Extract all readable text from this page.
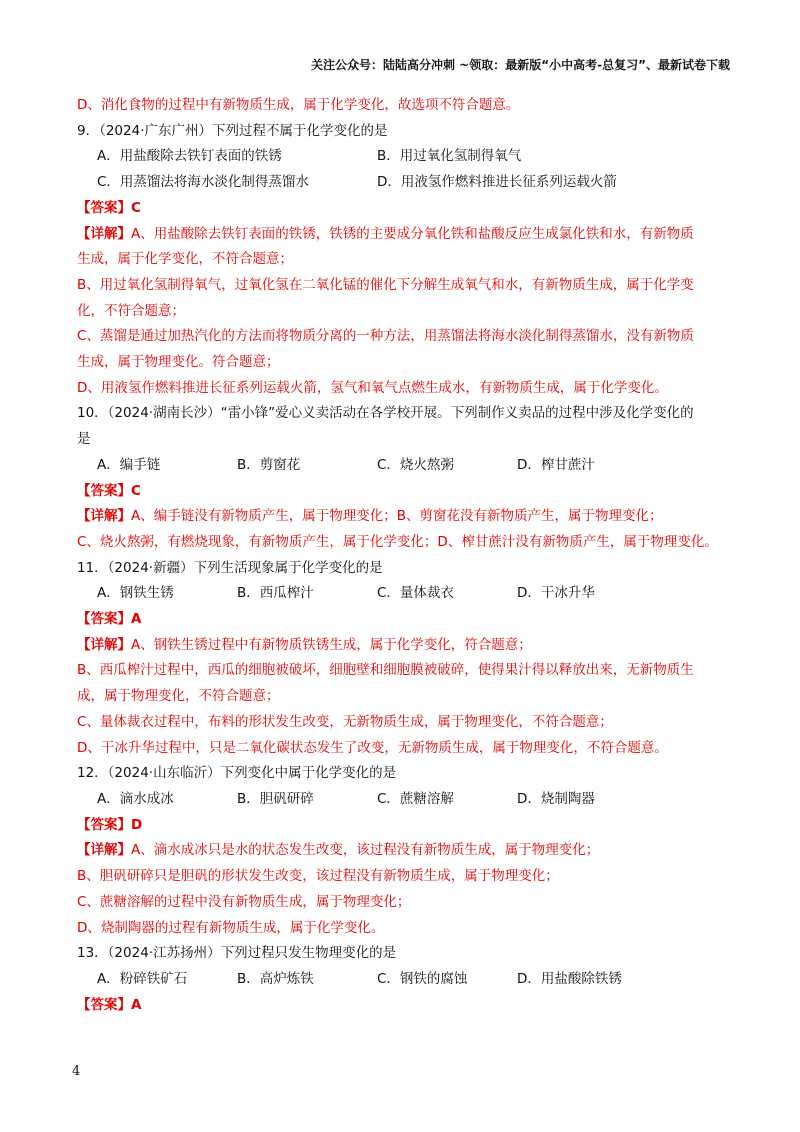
关注公众号：陆陆高分冲刺 ~领取：最新版“小中高考-总复习”、最新试卷下载
D、消化食物的过程中有新物质生成，属于化学变化，故选项不符合题意。
9．（2024·广东广州）下列过程不属于化学变化的是
A．用盐酸除去铁钉表面的铁锈	B．用过氧化氢制得氧气
C．用蒸馏法将海水淡化制得蒸馏水	D．用液氢作燃料推进长征系列运载火箭
【答案】C
【详解】A、用盐酸除去铁钉表面的铁锈，铁锈的主要成分氧化铁和盐酸反应生成氯化铁和水，有新物质
生成，属于化学变化，不符合题意；
B、用过氧化氢制得氧气，过氧化氢在二氧化锰的催化下分解生成氧气和水，有新物质生成，属于化学变
化，不符合题意；
C、蒸馏是通过加热汽化的方法而将物质分离的一种方法，用蒸馏法将海水淡化制得蒸馏水，没有新物质
生成，属于物理变化。符合题意；
D、用液氢作燃料推进长征系列运载火箭，氢气和氧气点燃生成水，有新物质生成，属于化学变化。
10．（2024·湖南长沙）“雷小锋”爱心义卖活动在各学校开展。下列制作义卖品的过程中涉及化学变化的
是
A．编手链	B．剪窗花	C．烧火熬粥	D．榨甘蔗汁
【答案】C
【详解】A、编手链没有新物质产生，属于物理变化；B、剪窗花没有新物质产生，属于物理变化；
C、烧火熬粥，有燃烧现象，有新物质产生，属于化学变化；D、榨甘蔗汁没有新物质产生，属于物理变化。
11．（2024·新疆）下列生活现象属于化学变化的是
A．钢铁生锈	B．西瓜榨汁	C．量体裁衣	D．干冰升华
【答案】A
【详解】A、钢铁生锈过程中有新物质铁锈生成，属于化学变化，符合题意；
B、西瓜榨汁过程中，西瓜的细胞被破坏，细胞壁和细胞膜被破碎，使得果汁得以释放出来，无新物质生
成，属于物理变化，不符合题意；
C、量体裁衣过程中，布料的形状发生改变，无新物质生成，属于物理变化，不符合题意；
D、干冰升华过程中，只是二氧化碳状态发生了改变，无新物质生成，属于物理变化，不符合题意。
12．（2024·山东临沂）下列变化中属于化学变化的是
A．滴水成冰	B．胆矾研碎	C．蔗糖溶解	D．烧制陶器
【答案】D
【详解】A、滴水成冰只是水的状态发生改变，该过程没有新物质生成，属于物理变化；
B、胆矾研碎只是胆矾的形状发生改变，该过程没有新物质生成，属于物理变化；
C、蔗糖溶解的过程中没有新物质生成，属于物理变化；
D、烧制陶器的过程有新物质生成，属于化学变化。
13．（2024·江苏扬州）下列过程只发生物理变化的是
A．粉碎铁矿石	B．高炉炼铁	C．钢铁的腐蚀	D．用盐酸除铁锈
【答案】A
4
